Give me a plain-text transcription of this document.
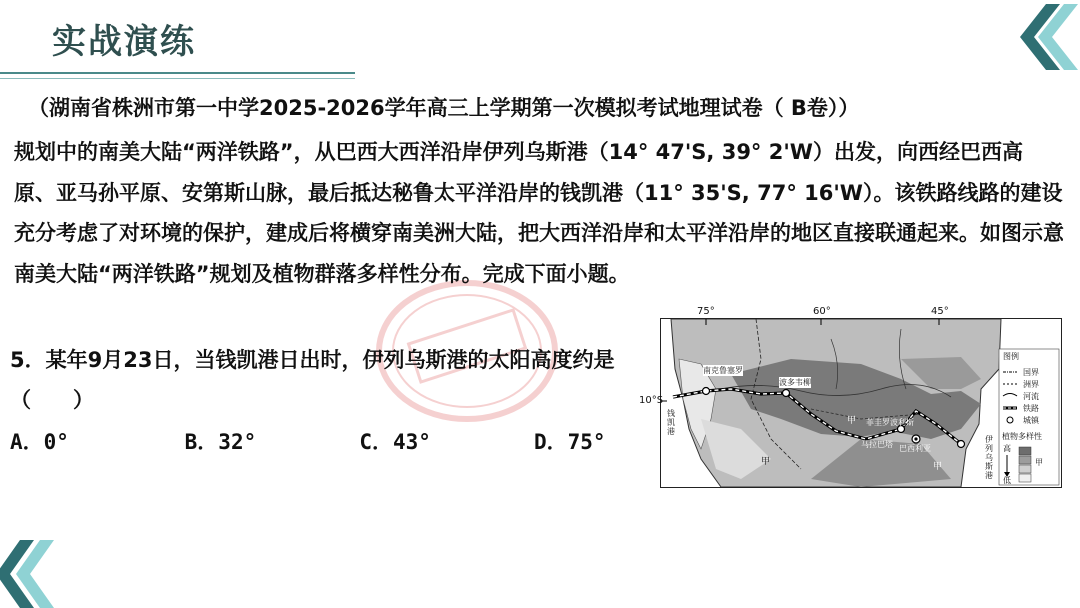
实战演练
（湖南省株洲市第一中学2025-2026学年高三上学期第一次模拟考试地理试卷（ B卷））
规划中的南美大陆“两洋铁路”，从巴西大西洋沿岸伊列乌斯港（14° 47'S, 39° 2'W）出发，向西经巴西高原、亚马孙平原、安第斯山脉，最后抵达秘鲁太平洋沿岸的钱凯港（11° 35'S, 77° 16'W）。该铁路线路的建设充分考虑了对环境的保护，建成后将横穿南美洲大陆，把大西洋沿岸和太平洋沿岸的地区直接联通起来。如图示意南美大陆“两洋铁路”规划及植物群落多样性分布。完成下面小题。
5．某年9月23日，当钱凯港日出时，伊列乌斯港的太阳高度约是（　　）
A．0°	B．32°	C．43°	D．75°
75°	60°	45°
10°S
南克鲁塞罗
波多韦柳
菲圭罗波利斯
马拉巴塔 巴西利亚
钱凯港
伊列乌斯港
甲
甲
甲
图例
国界
洲界
河流
铁路
城镇
植物多样性
高
低
甲
